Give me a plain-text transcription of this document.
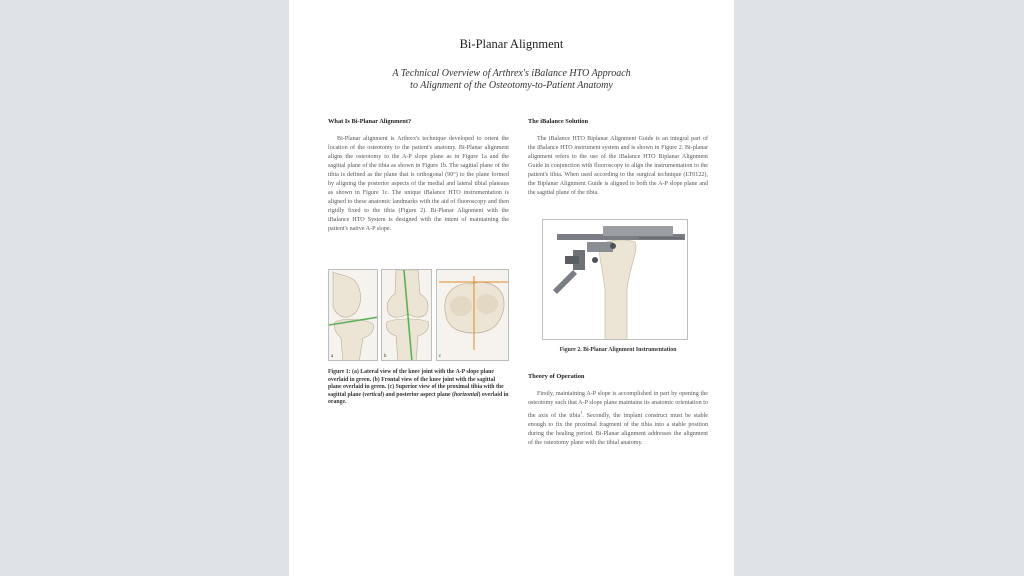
Bi-Planar Alignment
A Technical Overview of Arthrex's iBalance HTO Approach
to Alignment of the Osteotomy-to-Patient Anatomy
What Is Bi-Planar Alignment?

Bi-Planar alignment is Arthrex's technique developed to orient the location of the osteotomy to the patient's anatomy. Bi-Planar alignment aligns the osteotomy to the A-P slope plane as in Figure 1a and the sagittal plane of the tibia as shown in Figure 1b. The sagittal plane of the tibia is defined as the plane that is orthogonal (90°) to the plane formed by aligning the posterior aspects of the medial and lateral tibial plateaus as shown in Figure 1c. The unique iBalance HTO instrumentation is aligned to these anatomic landmarks with the aid of fluoroscopy and then rigidly fixed to the tibia (Figure 2). Bi-Planar Alignment with the iBalance HTO System is designed with the intent of maintaining the patient's native A-P slope.

a	b	c
Figure 1: (a) Lateral view of the knee joint with the A-P slope plane overlaid in green. (b) Frontal view of the knee joint with the sagittal plane overlaid in green. (c) Superior view of the proximal tibia with the sagittal plane (vertical) and posterior aspect plane (horizontal) overlaid in orange.
The iBalance Solution

The iBalance HTO Biplanar Alignment Guide is an integral part of the iBalance HTO instrument system and is shown in Figure 2. Bi-planar alignment refers to the use of the iBalance HTO Biplanar Alignment Guide in conjunction with fluoroscopy to align the instrumentation to the patient's tibia. When used according to the surgical technique (LT0122), the Biplanar Alignment Guide is aligned to both the A-P slope plane and the sagittal plane of the tibia.

Figure 2. Bi-Planar Alignment Instrumentation
Theory of Operation

Firstly, maintaining A-P slope is accomplished in part by opening the osteotomy such that A-P slope plane maintains its anatomic orientation to the axis of the tibia$^1$. Secondly, the implant construct must be stable enough to fix the proximal fragment of the tibia into a stable position during the healing period. Bi-Planar alignment addresses the alignment of the osteotomy plane with the tibial anatomy.
